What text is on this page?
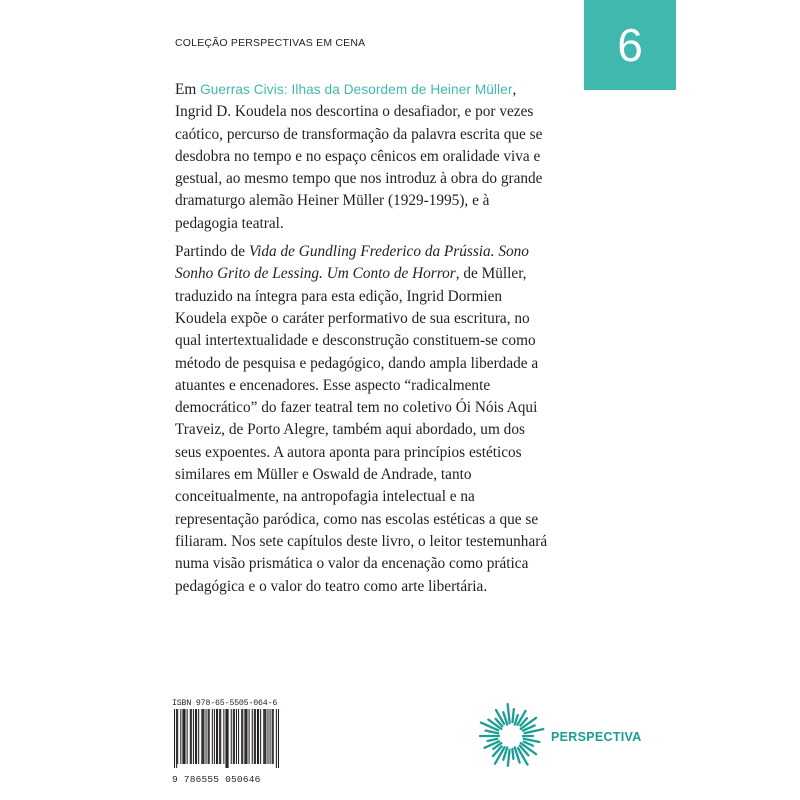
COLEÇÃO PERSPECTIVAS EM CENA	6

Em Guerras Civis: Ilhas da Desordem de Heiner Müller, Ingrid D. Koudela nos descortina o desafiador, e por vezes caótico, percurso de transformação da palavra escrita que se desdobra no tempo e no espaço cênicos em oralidade viva e gestual, ao mesmo tempo que nos introduz à obra do grande dramaturgo alemão Heiner Müller (1929-1995), e à pedagogia teatral.

Partindo de Vida de Gundling Frederico da Prússia. Sono Sonho Grito de Lessing. Um Conto de Horror, de Müller, traduzido na íntegra para esta edição, Ingrid Dormien Koudela expõe o caráter performativo de sua escritura, no qual intertextualidade e desconstrução constituem-se como método de pesquisa e pedagógico, dando ampla liberdade a atuantes e encenadores. Esse aspecto “radicalmente democrático” do fazer teatral tem no coletivo Ói Nóis Aqui Traveiz, de Porto Alegre, também aqui abordado, um dos seus expoentes. A autora aponta para princípios estéticos similares em Müller e Oswald de Andrade, tanto conceitualmente, na antropofagia intelectual e na representação paródica, como nas escolas estéticas a que se filiaram. Nos sete capítulos deste livro, o leitor testemunhará numa visão prismática o valor da encenação como prática pedagógica e o valor do teatro como arte libertária.

ISBN 978-65-5505-064-6
9 786555 050646
PERSPECTIVA
